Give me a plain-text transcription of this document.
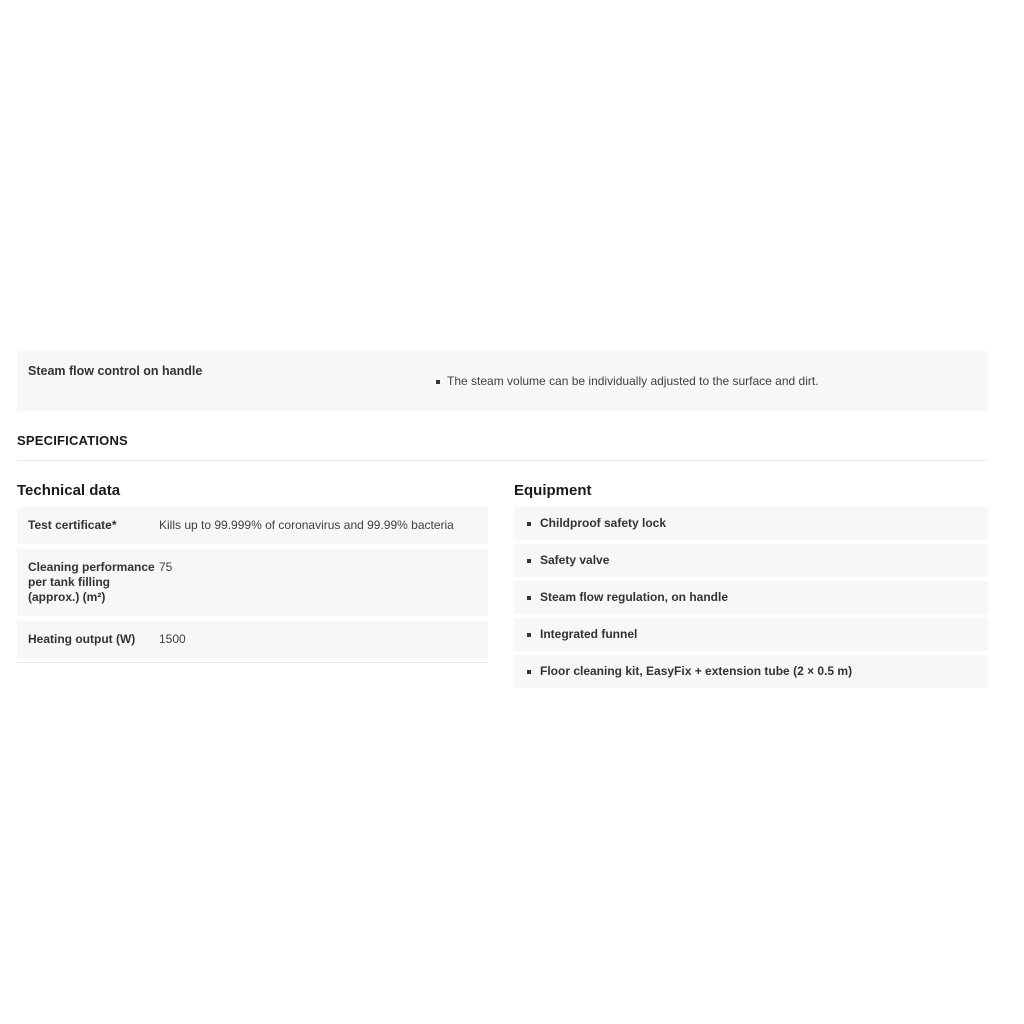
Steam flow control on handle
The steam volume can be individually adjusted to the surface and dirt.
SPECIFICATIONS
Technical data
Test certificate*	Kills up to 99.999% of coronavirus and 99.99% bacteria
Cleaning performance per tank filling (approx.) (m²)
75
Heating output (W)	1500
Equipment
Childproof safety lock
Safety valve
Steam flow regulation, on handle
Integrated funnel
Floor cleaning kit, EasyFix + extension tube (2 × 0.5 m)
